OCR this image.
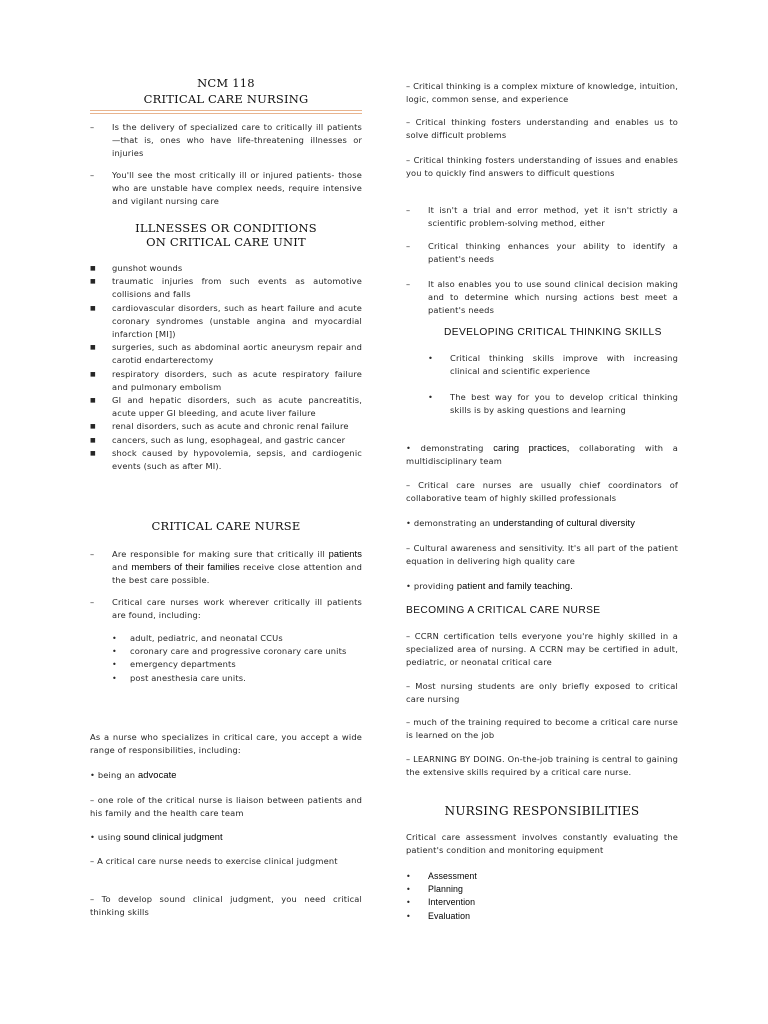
NCM 118
CRITICAL CARE NURSING
–	Is the delivery of specialized care to critically ill patients—that is, ones who have life-threatening illnesses or injuries
–	You'll see the most critically ill or injured patients- those who are unstable have complex needs, require intensive and vigilant nursing care
ILLNESSES OR CONDITIONS
ON CRITICAL CARE UNIT
■	gunshot wounds
■	traumatic injuries from such events as automotive collisions and falls
■	cardiovascular disorders, such as heart failure and acute coronary syndromes (unstable angina and myocardial infarction [MI])
■	surgeries, such as abdominal aortic aneurysm repair and carotid endarterectomy
■	respiratory disorders, such as acute respiratory failure and pulmonary embolism
■	GI and hepatic disorders, such as acute pancreatitis, acute upper GI bleeding, and acute liver failure
■	renal disorders, such as acute and chronic renal failure
■	cancers, such as lung, esophageal, and gastric cancer
■	shock caused by hypovolemia, sepsis, and cardiogenic events (such as after MI).
CRITICAL CARE NURSE
–	Are responsible for making sure that critically ill patients and members of their families receive close attention and the best care possible.
–	Critical care nurses work wherever critically ill patients are found, including:
•	adult, pediatric, and neonatal CCUs
•	coronary care and progressive coronary care units
•	emergency departments
•	post anesthesia care units.
As a nurse who specializes in critical care, you accept a wide range of responsibilities, including:
• being an advocate
– one role of the critical nurse is liaison between patients and his family and the health care team
• using sound clinical judgment
– A critical care nurse needs to exercise clinical judgment
– To develop sound clinical judgment, you need critical thinking skills
– Critical thinking is a complex mixture of knowledge, intuition, logic, common sense, and experience
– Critical thinking fosters understanding and enables us to solve difficult problems
– Critical thinking fosters understanding of issues and enables you to quickly find answers to difficult questions
–	It isn't a trial and error method, yet it isn't strictly a scientific problem-solving method, either
–	Critical thinking enhances your ability to identify a patient's needs
–	It also enables you to use sound clinical decision making and to determine which nursing actions best meet a patient's needs
DEVELOPING CRITICAL THINKING SKILLS
•	Critical thinking skills improve with increasing clinical and scientific experience
•	The best way for you to develop critical thinking skills is by asking questions and learning
• demonstrating caring practices, collaborating with a multidisciplinary team
– Critical care nurses are usually chief coordinators of collaborative team of highly skilled professionals
• demonstrating an understanding of cultural diversity
– Cultural awareness and sensitivity. It's all part of the patient equation in delivering high quality care
• providing patient and family teaching.
BECOMING A CRITICAL CARE NURSE
– CCRN certification tells everyone you're highly skilled in a specialized area of nursing. A CCRN may be certified in adult, pediatric, or neonatal critical care
– Most nursing students are only briefly exposed to critical care nursing
– much of the training required to become a critical care nurse is learned on the job
– LEARNING BY DOING. On-the-job training is central to gaining the extensive skills required by a critical care nurse.
NURSING RESPONSIBILITIES
Critical care assessment involves constantly evaluating the patient's condition and monitoring equipment
•	Assessment
•	Planning
•	Intervention
•	Evaluation
